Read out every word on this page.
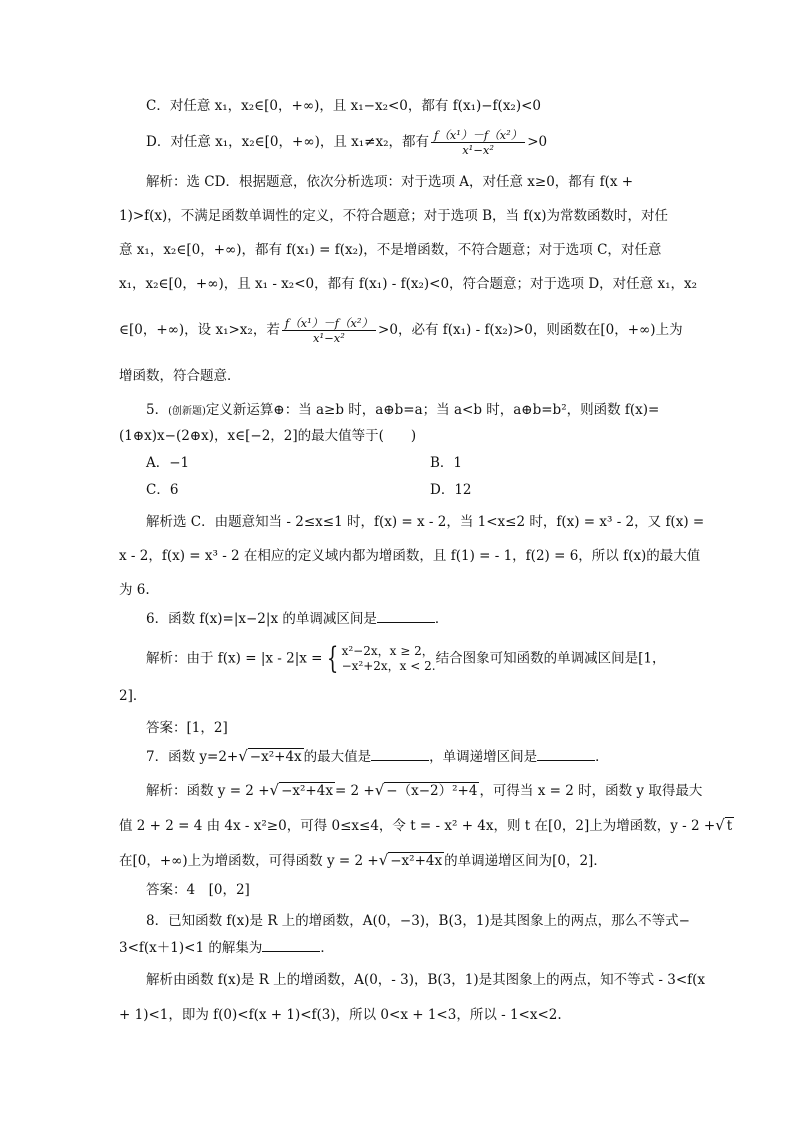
C．对任意 x₁，x₂∈[0，+∞)，且 x₁−x₂<0，都有 f(x₁)−f(x₂)<0
D．对任意 x₁，x₂∈[0，+∞)，且 x₁≠x₂，都有 $\frac{\text{f（x¹）－f（x²）}}{\text{x¹−x²}} >0$
解析：选 CD．根据题意，依次分析选项：对于选项 A，对任意 x≥0，都有 f(x +
1)>f(x)，不满足函数单调性的定义，不符合题意；对于选项 B，当 f(x)为常数函数时，对任
意 x₁，x₂∈[0，+∞)，都有 f(x₁) = f(x₂)，不是增函数，不符合题意；对于选项 C，对任意
x₁，x₂∈[0，+∞)，且 x₁ - x₂<0，都有 f(x₁) - f(x₂)<0，符合题意；对于选项 D，对任意 x₁，x₂
∈[0，+∞)，设 x₁>x₂，若 $\frac{\text{f（x¹）－f（x²）}}{\text{x¹−x²}} >0$，必有 f(x₁) - f(x₂)>0，则函数在[0，+∞)上为
增函数，符合题意．
5．(创新题)定义新运算⊕：当 a≥b 时，a⊕b=a；当 a<b 时，a⊕b=b²，则函数 f(x)=
(1⊕x)x−(2⊕x)，x∈[−2，2]的最大值等于(　　)
A．−1	B．1
C．6	D．12
解析选 C．由题意知当 - 2≤x≤1 时，f(x) = x - 2，当 1<x≤2 时，f(x) = x³ - 2，又 f(x) =
x - 2，f(x) = x³ - 2 在相应的定义域内都为增函数，且 f(1) = - 1，f(2) = 6，所以 f(x)的最大值
为 6.
6．函数 f(x)=|x−2|x 的单调减区间是	．
解析：由于 f(x) = |x - 2|x = { x²−2x，x ≥ 2，
−x²+2x，x < 2. 结合图象可知函数的单调减区间是[1，
2]．
答案：[1，2]
7．函数 y=2+√ −x²+4x 的最大值是	，单调递增区间是	．
解析：函数 y = 2 +√ −x²+4x = 2 +√ −（x−2）²+4 ，可得当 x = 2 时，函数 y 取得最大
值 2 + 2 = 4 由 4x - x²≥0，可得 0≤x≤4，令 t = - x² + 4x，则 t 在[0，2]上为增函数，y - 2 +√ t
在[0，+∞)上为增函数，可得函数 y = 2 +√ −x²+4x 的单调递增区间为[0，2]．
答案：4　[0，2]
8．已知函数 f(x)是 R 上的增函数，A(0，−3)，B(3，1)是其图象上的两点，那么不等式−
3<f(x＋1)<1 的解集为	．
解析由函数 f(x)是 R 上的增函数，A(0，- 3)，B(3，1)是其图象上的两点，知不等式 - 3<f(x
+ 1)<1，即为 f(0)<f(x + 1)<f(3)，所以 0<x + 1<3，所以 - 1<x<2.
